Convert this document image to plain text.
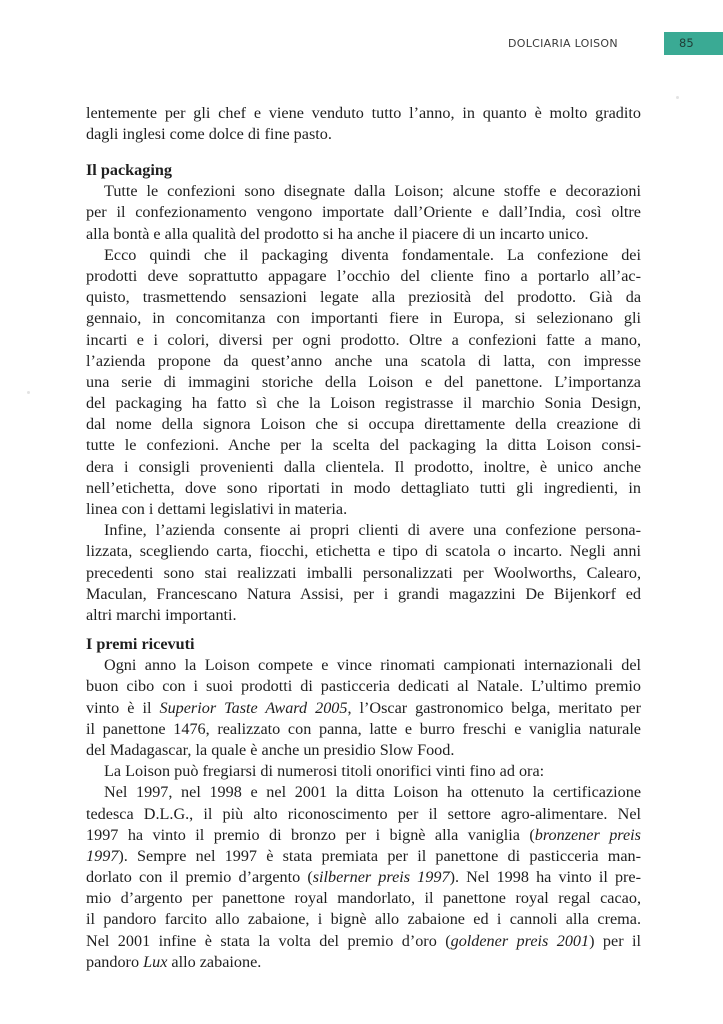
DOLCIARIA LOISON	85
lentemente per gli chef e viene venduto tutto l’anno, in quanto è molto gradito
dagli inglesi come dolce di fine pasto.
Il packaging
Tutte le confezioni sono disegnate dalla Loison; alcune stoffe e decorazioni
per il confezionamento vengono importate dall’Oriente e dall’India, così oltre
alla bontà e alla qualità del prodotto si ha anche il piacere di un incarto unico.
Ecco quindi che il packaging diventa fondamentale. La confezione dei
prodotti deve soprattutto appagare l’occhio del cliente fino a portarlo all’ac-
quisto, trasmettendo sensazioni legate alla preziosità del prodotto. Già da
gennaio, in concomitanza con importanti fiere in Europa, si selezionano gli
incarti e i colori, diversi per ogni prodotto. Oltre a confezioni fatte a mano,
l’azienda propone da quest’anno anche una scatola di latta, con impresse
una serie di immagini storiche della Loison e del panettone. L’importanza
del packaging ha fatto sì che la Loison registrasse il marchio Sonia Design,
dal nome della signora Loison che si occupa direttamente della creazione di
tutte le confezioni. Anche per la scelta del packaging la ditta Loison consi-
dera i consigli provenienti dalla clientela. Il prodotto, inoltre, è unico anche
nell’etichetta, dove sono riportati in modo dettagliato tutti gli ingredienti, in
linea con i dettami legislativi in materia.
Infine, l’azienda consente ai propri clienti di avere una confezione persona-
lizzata, scegliendo carta, fiocchi, etichetta e tipo di scatola o incarto. Negli anni
precedenti sono stai realizzati imballi personalizzati per Woolworths, Calearo,
Maculan, Francescano Natura Assisi, per i grandi magazzini De Bijenkorf ed
altri marchi importanti.
I premi ricevuti
Ogni anno la Loison compete e vince rinomati campionati internazionali del
buon cibo con i suoi prodotti di pasticceria dedicati al Natale. L’ultimo premio
vinto è il Superior Taste Award 2005, l’Oscar gastronomico belga, meritato per
il panettone 1476, realizzato con panna, latte e burro freschi e vaniglia naturale
del Madagascar, la quale è anche un presidio Slow Food.
La Loison può fregiarsi di numerosi titoli onorifici vinti fino ad ora:
Nel 1997, nel 1998 e nel 2001 la ditta Loison ha ottenuto la certificazione
tedesca D.L.G., il più alto riconoscimento per il settore agro-alimentare. Nel
1997 ha vinto il premio di bronzo per i bignè alla vaniglia (bronzener preis
1997). Sempre nel 1997 è stata premiata per il panettone di pasticceria man-
dorlato con il premio d’argento (silberner preis 1997). Nel 1998 ha vinto il pre-
mio d’argento per panettone royal mandorlato, il panettone royal regal cacao,
il pandoro farcito allo zabaione, i bignè allo zabaione ed i cannoli alla crema.
Nel 2001 infine è stata la volta del premio d’oro (goldener preis 2001) per il
pandoro Lux allo zabaione.
